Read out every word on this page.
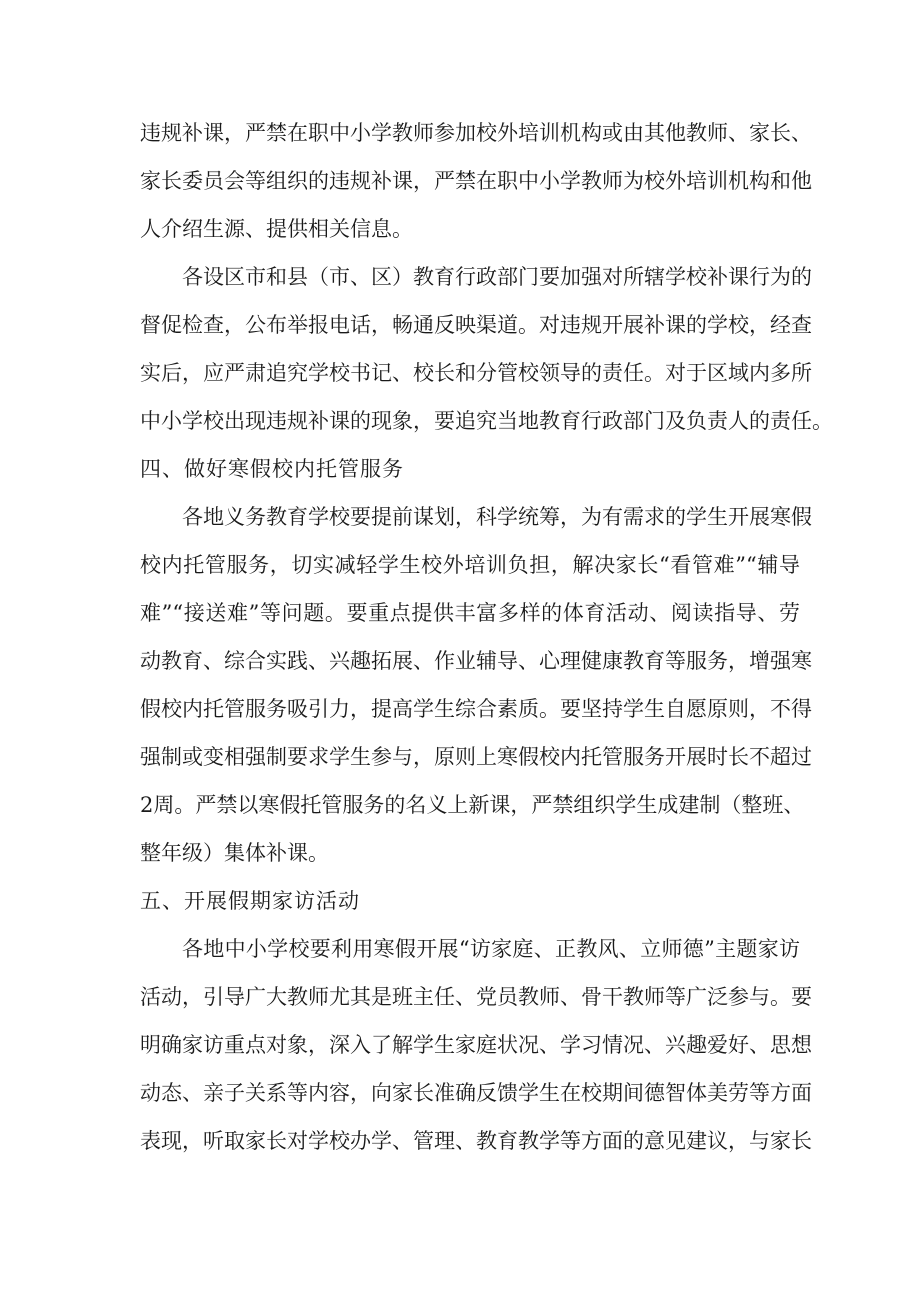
违规补课，严禁在职中小学教师参加校外培训机构或由其他教师、家长、
家长委员会等组织的违规补课，严禁在职中小学教师为校外培训机构和他
人介绍生源、提供相关信息。
各设区市和县（市、区）教育行政部门要加强对所辖学校补课行为的
督促检查，公布举报电话，畅通反映渠道。对违规开展补课的学校，经查
实后，应严肃追究学校书记、校长和分管校领导的责任。对于区域内多所
中小学校出现违规补课的现象，要追究当地教育行政部门及负责人的责任。
四、做好寒假校内托管服务
各地义务教育学校要提前谋划，科学统筹，为有需求的学生开展寒假
校内托管服务，切实减轻学生校外培训负担，解决家长“看管难”“辅导
难”“接送难”等问题。要重点提供丰富多样的体育活动、阅读指导、劳
动教育、综合实践、兴趣拓展、作业辅导、心理健康教育等服务，增强寒
假校内托管服务吸引力，提高学生综合素质。要坚持学生自愿原则，不得
强制或变相强制要求学生参与，原则上寒假校内托管服务开展时长不超过
2周。严禁以寒假托管服务的名义上新课，严禁组织学生成建制（整班、
整年级）集体补课。
五、开展假期家访活动
各地中小学校要利用寒假开展“访家庭、正教风、立师德”主题家访
活动，引导广大教师尤其是班主任、党员教师、骨干教师等广泛参与。要
明确家访重点对象，深入了解学生家庭状况、学习情况、兴趣爱好、思想
动态、亲子关系等内容，向家长准确反馈学生在校期间德智体美劳等方面
表现，听取家长对学校办学、管理、教育教学等方面的意见建议，与家长
